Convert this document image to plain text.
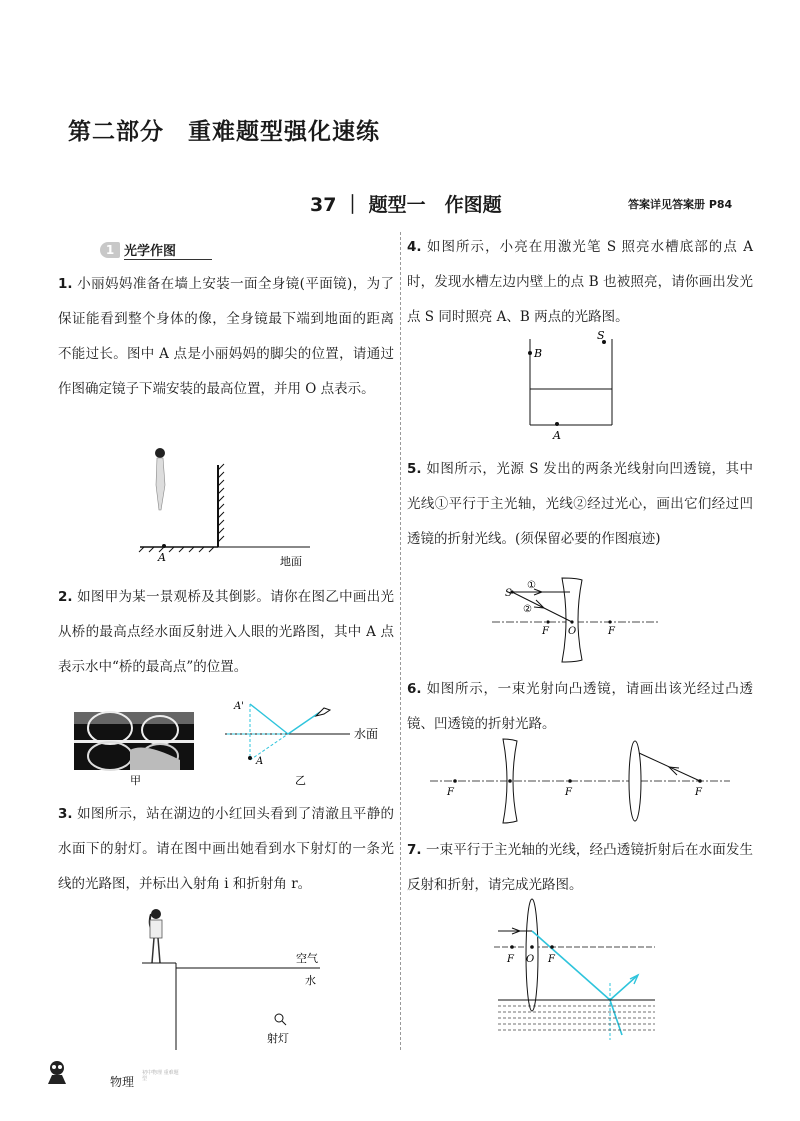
第二部分　重难题型强化速练
37 ｜ 题型一　作图题	答案详见答案册 P84
1 光学作图
1. 小丽妈妈准备在墙上安装一面全身镜(平面镜)，为了保证能看到整个身体的像，全身镜最下端到地面的距离不能过长。图中 A 点是小丽妈妈的脚尖的位置，请通过作图确定镜子下端安装的最高位置，并用 O 点表示。
A	地面
2. 如图甲为某一景观桥及其倒影。请你在图乙中画出光从桥的最高点经水面反射进入人眼的光路图，其中 A 点表示水中“桥的最高点”的位置。
甲
水面
A'
A
乙
3. 如图所示，站在湖边的小红回头看到了清澈且平静的水面下的射灯。请在图中画出她看到水下射灯的一条光线的光路图，并标出入射角 i 和折射角 r。
空气
水
射灯
4. 如图所示，小亮在用激光笔 S 照亮水槽底部的点 A 时，发现水槽左边内壁上的点 B 也被照亮，请你画出发光点 S 同时照亮 A、B 两点的光路图。
S
B
A
5. 如图所示，光源 S 发出的两条光线射向凹透镜，其中光线①平行于主光轴，光线②经过光心，画出它们经过凹透镜的折射光线。(须保留必要的作图痕迹)
S
①
②
F O	F
6. 如图所示，一束光射向凸透镜，请画出该光经过凸透镜、凹透镜的折射光路。
F	F	F
7. 一束平行于主光轴的光线，经凸透镜折射后在水面发生反射和折射，请完成光路图。
F O F
物理
初中物理 重难题型
